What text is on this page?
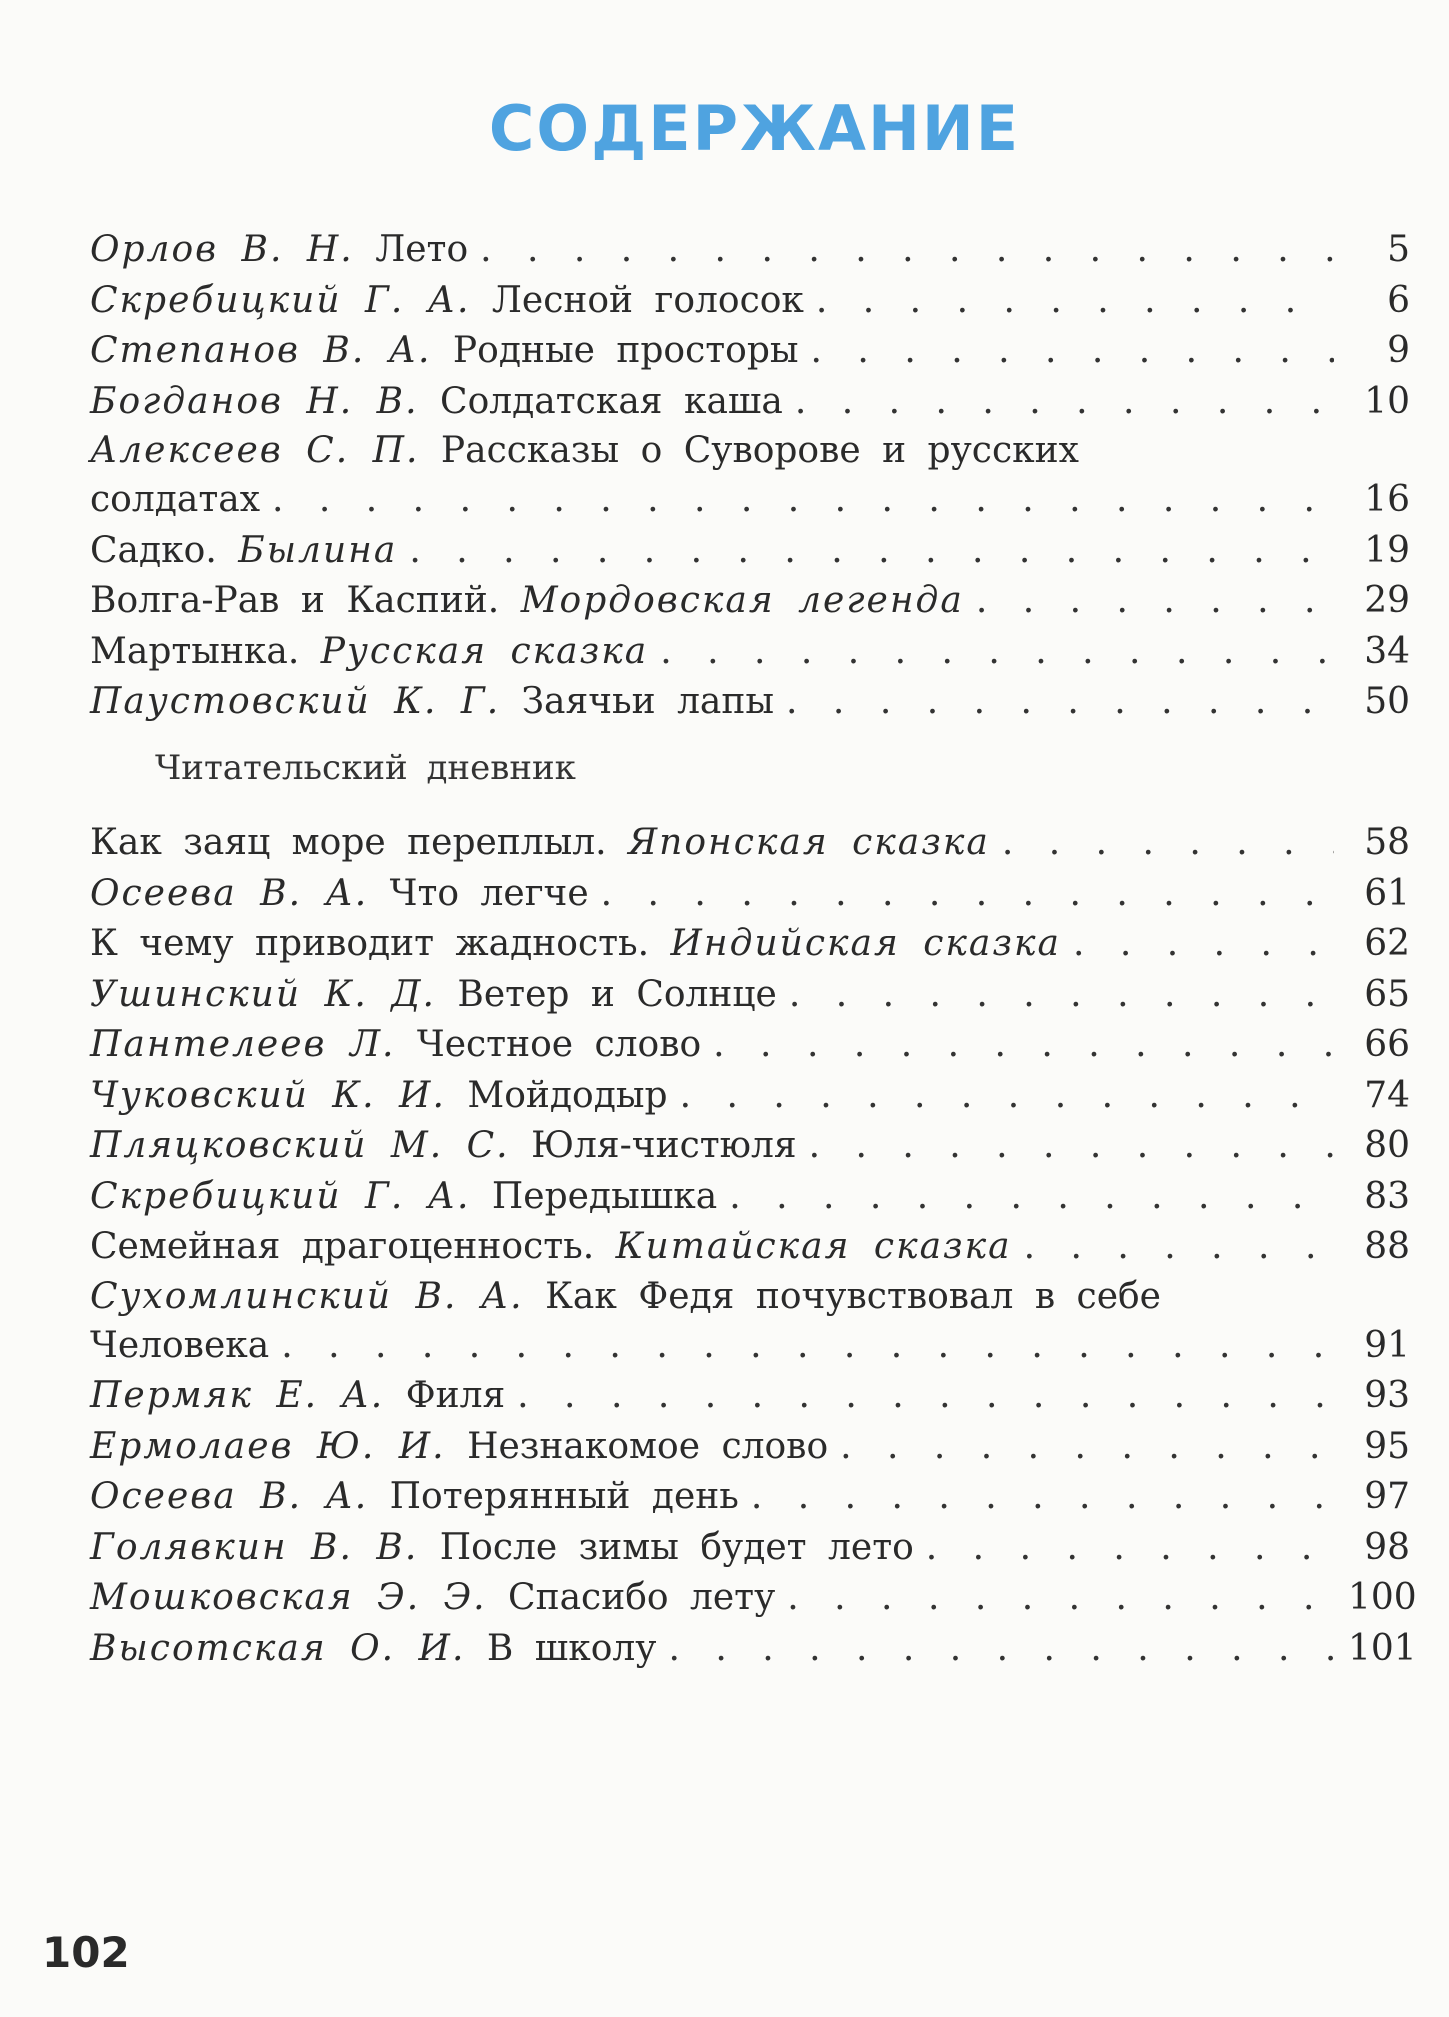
СОДЕРЖАНИЕ
Орлов В. Н. Лето . . .	5
Скребицкий Г. А. Лесной голосок . . .	6
Степанов В. А. Родные просторы . . .	9
Богданов Н. В. Солдатская каша . . .	10
Алексеев С. П. Рассказы о Суворове и русских
солдатах . . .	16
Садко. Былина . . .	19
Волга-Рав и Каспий. Мордовская легенда . . .	29
Мартынка. Русская сказка . . .	34
Паустовский К. Г. Заячьи лапы . . .	50
Читательский дневник
Как заяц море переплыл. Японская сказка . . .	58
Осеева В. А. Что легче . . .	61
К чему приводит жадность. Индийская сказка . . .	62
Ушинский К. Д. Ветер и Солнце . . .	65
Пантелеев Л. Честное слово . . .	66
Чуковский К. И. Мойдодыр . . .	74
Пляцковский М. С. Юля-чистюля . . .	80
Скребицкий Г. А. Передышка . . .	83
Семейная драгоценность. Китайская сказка . . .	88
Сухомлинский В. А. Как Федя почувствовал в себе
Человека . . .	91
Пермяк Е. А. Филя . . .	93
Ермолаев Ю. И. Незнакомое слово . . .	95
Осеева В. А. Потерянный день . . .	97
Голявкин В. В. После зимы будет лето . . .	98
Мошковская Э. Э. Спасибо лету . . .	100
Высотская О. И. В школу . . .	101
102
